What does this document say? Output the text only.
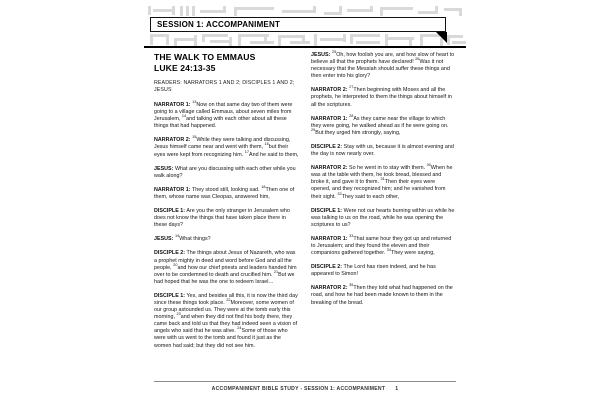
SESSION 1: ACCOMPANIMENT
THE WALK TO EMMAUS
LUKE 24:13-35
READERS: NARRATORS 1 AND 2; DISCIPLES 1 AND 2; JESUS

NARRATOR 1: $^{13}$Now on that same day two of them were going to a village called Emmaus, about seven miles from Jerusalem, $^{14}$and talking with each other about all these things that had happened.

NARRATOR 2: $^{15}$While they were talking and discussing, Jesus himself came near and went with them, $^{16}$but their eyes were kept from recognizing him. $^{17}$And he said to them,

JESUS: What are you discussing with each other while you walk along?

NARRATOR 1: They stood still, looking sad. $^{18}$Then one of them, whose name was Cleopas, answered him,

DISCIPLE 1: Are you the only stranger in Jerusalem who does not know the things that have taken place there in these days?

JESUS: $^{19}$What things?

DISCIPLE 2: The things about Jesus of Nazareth, who was a prophet mighty in deed and word before God and all the people, $^{20}$and how our chief priests and leaders handed him over to be condemned to death and crucified him. $^{21}$But we had hoped that he was the one to redeem Israel…

DISCIPLE 1: Yes, and besides all this, it is now the third day since these things took place. $^{22}$Moreover, some women of our group astounded us. They were at the tomb early this morning, $^{23}$and when they did not find his body there, they came back and told us that they had indeed seen a vision of angels who said that he was alive. $^{24}$Some of those who were with us went to the tomb and found it just as the women had said; but they did not see him.

JESUS: $^{25}$Oh, how foolish you are, and how slow of heart to believe all that the prophets have declared! $^{26}$Was it not necessary that the Messiah should suffer these things and then enter into his glory?

NARRATOR 2: $^{27}$Then beginning with Moses and all the prophets, he interpreted to them the things about himself in all the scriptures.

NARRATOR 1: $^{28}$As they came near the village to which they were going, he walked ahead as if he were going on. $^{29}$But they urged him strongly, saying,

DISCIPLE 2: Stay with us, because it is almost evening and the day is now nearly over.

NARRATOR 2: So he went in to stay with them. $^{30}$When he was at the table with them, he took bread, blessed and broke it, and gave it to them. $^{31}$Then their eyes were opened, and they recognized him; and he vanished from their sight. $^{32}$They said to each other,

DISCIPLE 1: Were not our hearts burning within us while he was talking to us on the road, while he was opening the scriptures to us?

NARRATOR 1: $^{33}$That same hour they got up and returned to Jerusalem; and they found the eleven and their companions gathered together. $^{34}$They were saying,

DISCIPLE 2: The Lord has risen indeed, and he has appeared to Simon!

NARRATOR 2: $^{35}$Then they told what had happened on the road, and how he had been made known to them in the breaking of the bread.

ACCOMPANIMENT BIBLE STUDY - SESSION 1: ACCOMPANIMENT 1
